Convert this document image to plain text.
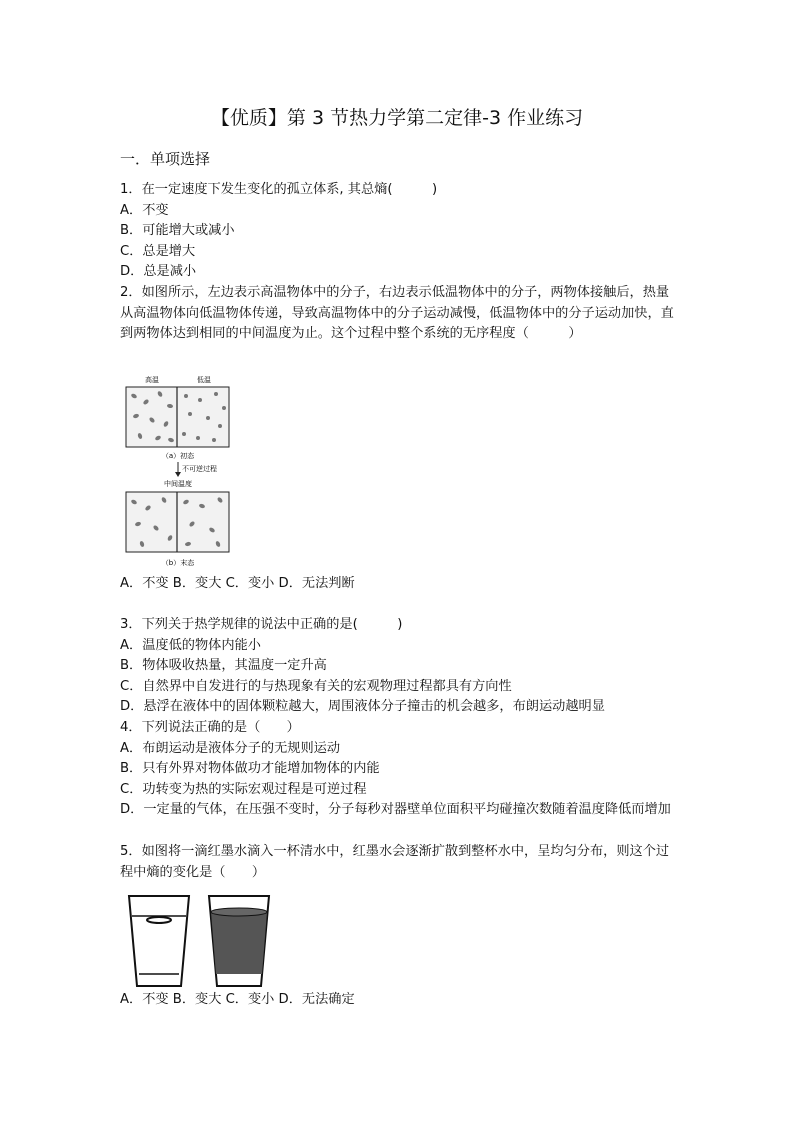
【优质】第 3 节热力学第二定律-3 作业练习
一．单项选择
1．在一定速度下发生变化的孤立体系, 其总熵(　　　)
A．不变
B．可能增大或减小
C．总是增大
D．总是减小
2．如图所示，左边表示高温物体中的分子，右边表示低温物体中的分子，两物体接触后，热量从高温物体向低温物体传递，导致高温物体中的分子运动减慢，低温物体中的分子运动加快，直到两物体达到相同的中间温度为止。这个过程中整个系统的无序程度（　　　）
高温	低温
（a）初态
不可逆过程
中间温度
（b）末态
A．不变 B．变大 C．变小 D．无法判断
3．下列关于热学规律的说法中正确的是(　　　)
A．温度低的物体内能小
B．物体吸收热量，其温度一定升高
C．自然界中自发进行的与热现象有关的宏观物理过程都具有方向性
D．悬浮在液体中的固体颗粒越大，周围液体分子撞击的机会越多，布朗运动越明显
4．下列说法正确的是（　　）
A．布朗运动是液体分子的无规则运动
B．只有外界对物体做功才能增加物体的内能
C．功转变为热的实际宏观过程是可逆过程
D．一定量的气体，在压强不变时，分子每秒对器壁单位面积平均碰撞次数随着温度降低而增加
5．如图将一滴红墨水滴入一杯清水中，红墨水会逐渐扩散到整杯水中，呈均匀分布，则这个过程中熵的变化是（　　）
A．不变 B．变大 C．变小 D．无法确定
